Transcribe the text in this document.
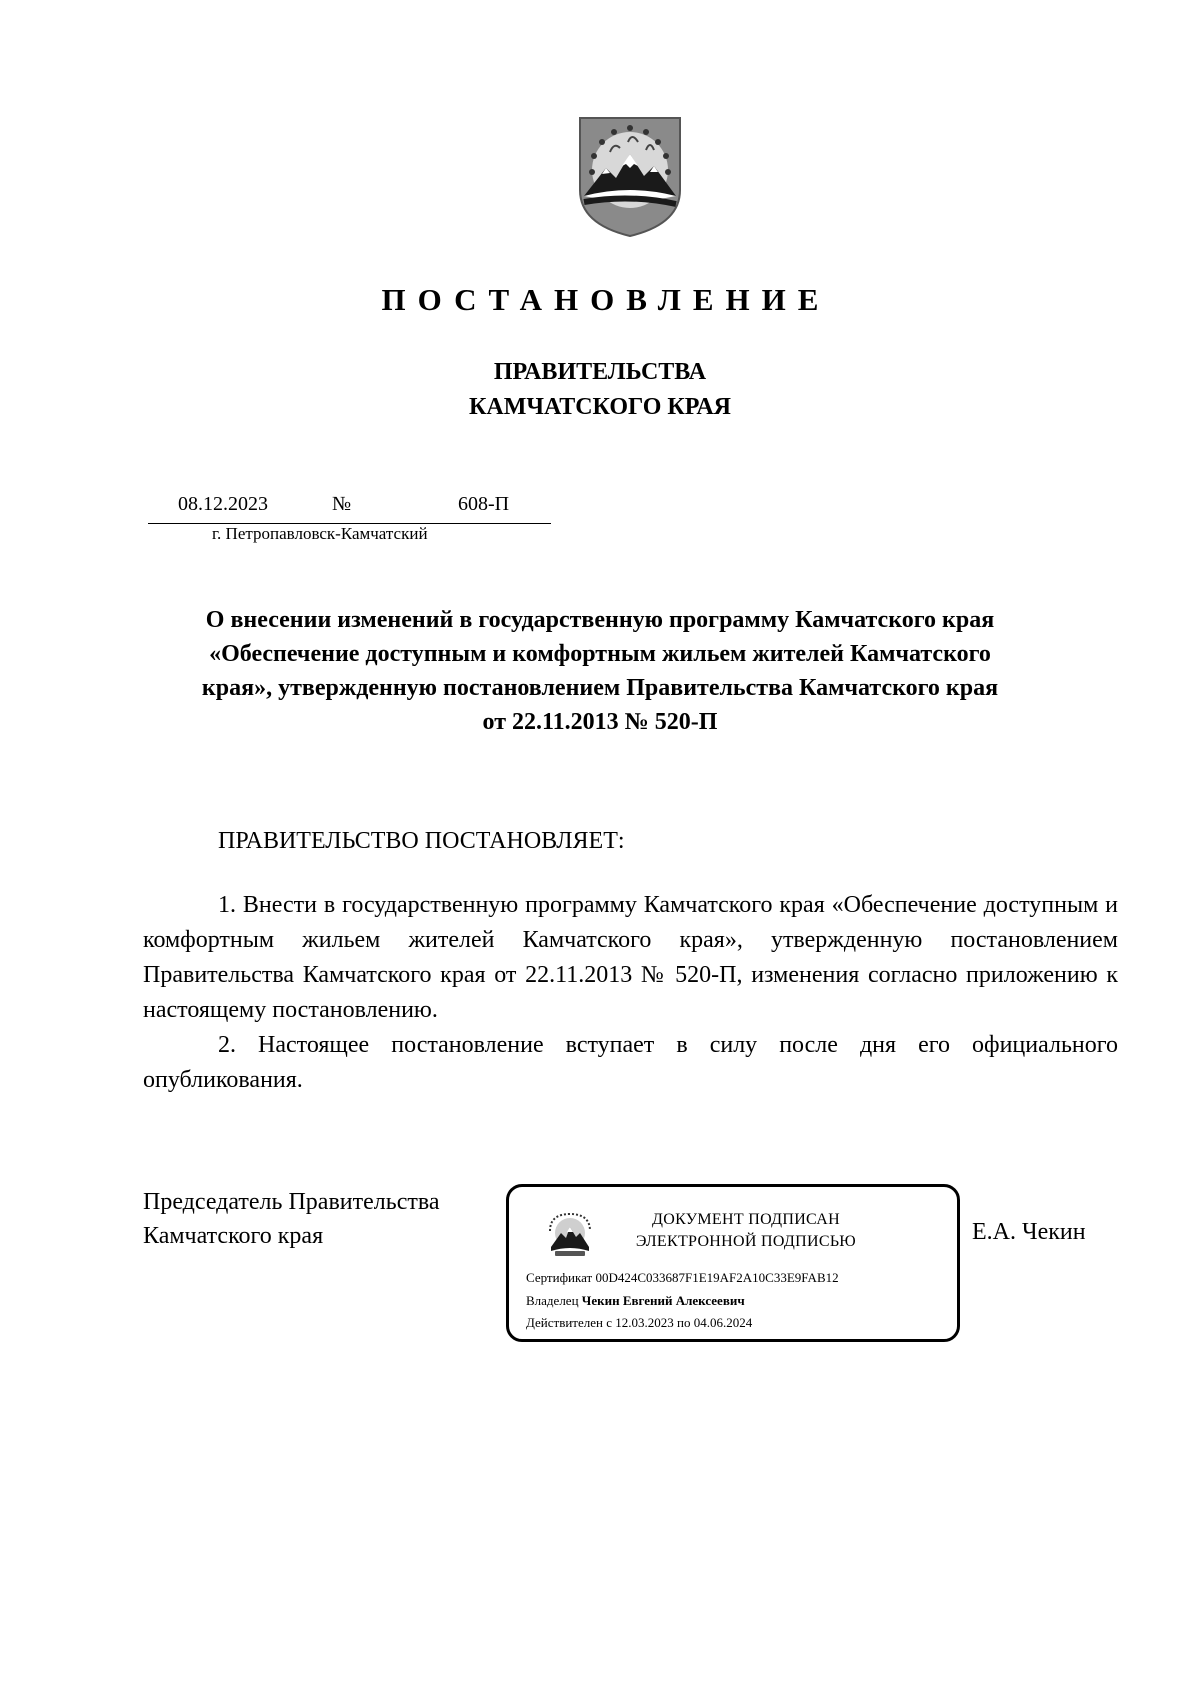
ПОСТАНОВЛЕНИЕ
ПРАВИТЕЛЬСТВА
КАМЧАТСКОГО КРАЯ
08.12.2023	№	608-П
г. Петропавловск-Камчатский
О внесении изменений в государственную программу Камчатского края
«Обеспечение доступным и комфортным жильем жителей Камчатского
края», утвержденную постановлением Правительства Камчатского края
от 22.11.2013 № 520-П
ПРАВИТЕЛЬСТВО ПОСТАНОВЛЯЕТ:

1. Внести в государственную программу Камчатского края «Обеспечение доступным и комфортным жильем жителей Камчатского края», утвержденную постановлением Правительства Камчатского края от 22.11.2013 № 520-П, изменения согласно приложению к настоящему постановлению.

2. Настоящее постановление вступает в силу после дня его официального опубликования.

Председатель Правительства
Камчатского края
ДОКУМЕНТ ПОДПИСАН
ЭЛЕКТРОННОЙ ПОДПИСЬЮ
Сертификат 00D424C033687F1E19AF2A10C33E9FAB12
Владелец Чекин Евгений Алексеевич
Действителен с 12.03.2023 по 04.06.2024
Е.А. Чекин
